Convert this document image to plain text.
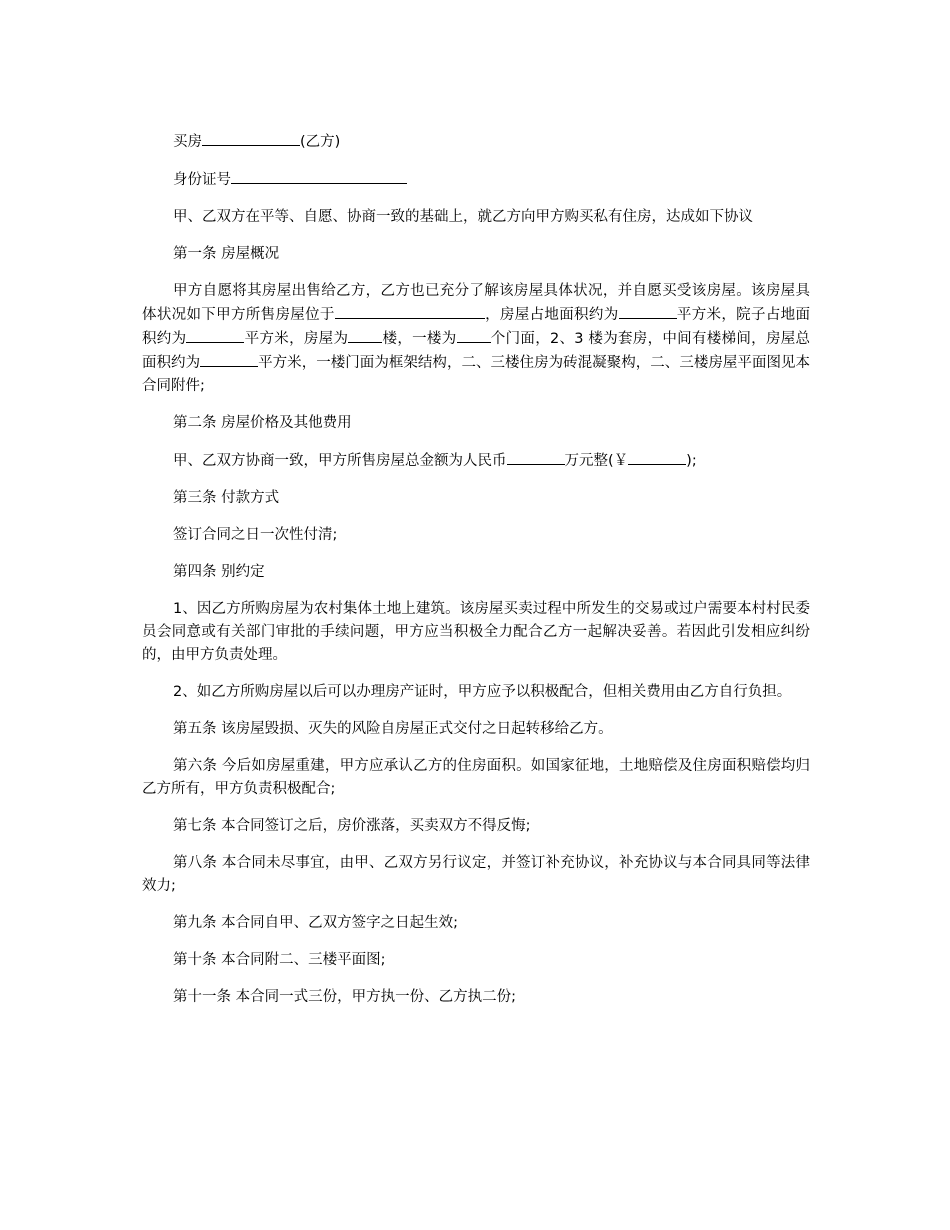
买房	(乙方)

身份证号

甲、乙双方在平等、自愿、协商一致的基础上，就乙方向甲方购买私有住房，达成如下协议

第一条 房屋概况

甲方自愿将其房屋出售给乙方，乙方也已充分了解该房屋具体状况，并自愿买受该房屋。该房屋具体状况如下甲方所售房屋位于	，房屋占地面积约为	平方米，院子占地面积约为	平方米，房屋为 楼，一楼为 个门面，2、3 楼为套房，中间有楼梯间，房屋总面积约为	平方米，一楼门面为框架结构，二、三楼住房为砖混凝聚构，二、三楼房屋平面图见本合同附件;

第二条 房屋价格及其他费用

甲、乙双方协商一致，甲方所售房屋总金额为人民币	万元整(￥	);

第三条 付款方式

签订合同之日一次性付清;

第四条 别约定

1、因乙方所购房屋为农村集体土地上建筑。该房屋买卖过程中所发生的交易或过户需要本村村民委员会同意或有关部门审批的手续问题，甲方应当积极全力配合乙方一起解决妥善。若因此引发相应纠纷的，由甲方负责处理。

2、如乙方所购房屋以后可以办理房产证时，甲方应予以积极配合，但相关费用由乙方自行负担。

第五条 该房屋毁损、灭失的风险自房屋正式交付之日起转移给乙方。

第六条 今后如房屋重建，甲方应承认乙方的住房面积。如国家征地，土地赔偿及住房面积赔偿均归乙方所有，甲方负责积极配合;

第七条 本合同签订之后，房价涨落，买卖双方不得反悔;

第八条 本合同未尽事宜，由甲、乙双方另行议定，并签订补充协议，补充协议与本合同具同等法律效力;

第九条 本合同自甲、乙双方签字之日起生效;

第十条 本合同附二、三楼平面图;

第十一条 本合同一式三份，甲方执一份、乙方执二份;
